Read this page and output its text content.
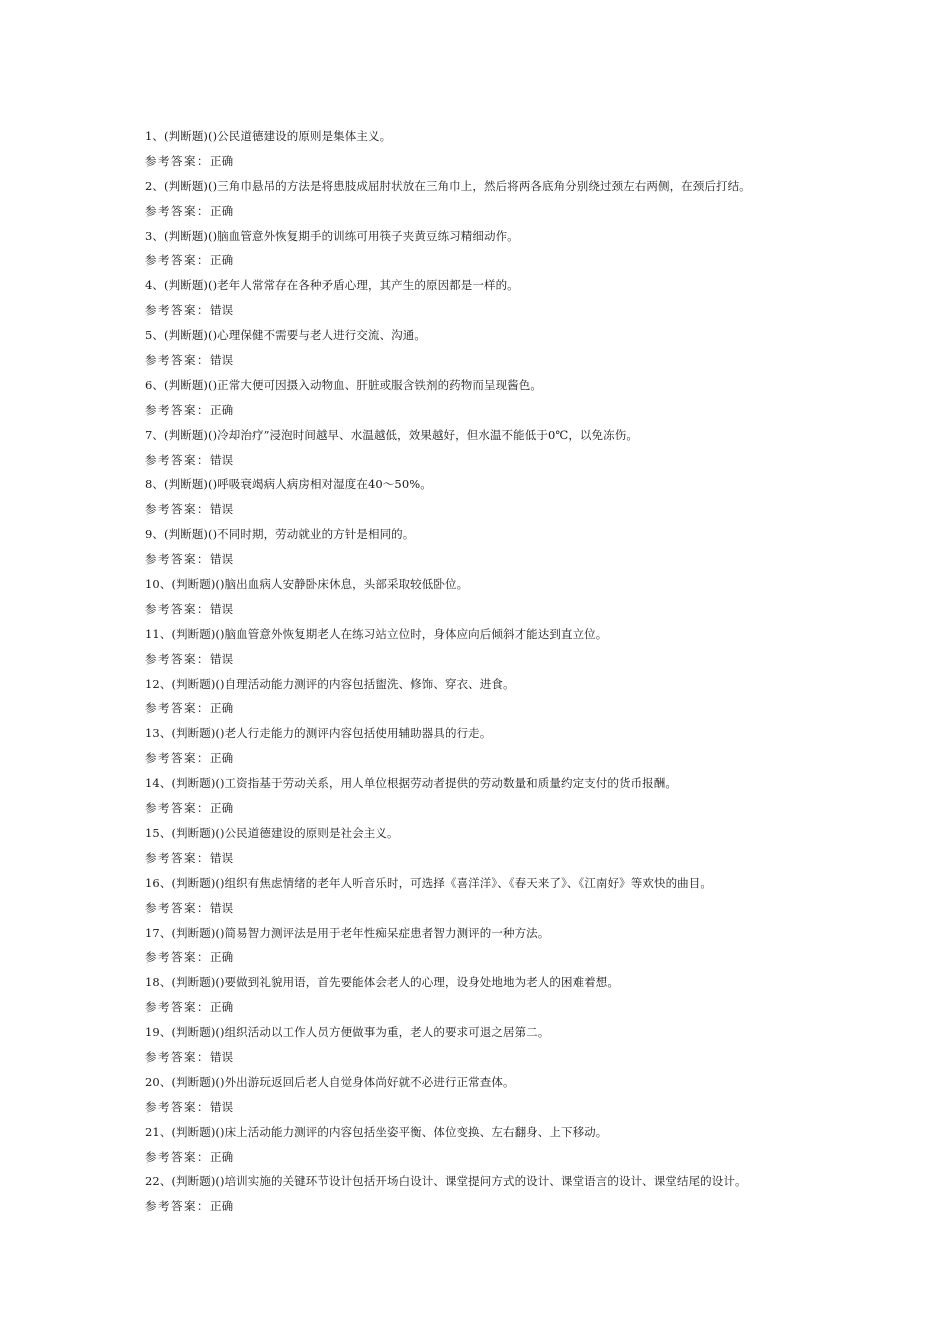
1、(判断题)()公民道德建设的原则是集体主义。
参考答案：正确
2、(判断题)()三角巾悬吊的方法是将患肢成屈肘状放在三角巾上，然后将两各底角分别绕过颈左右两侧，在颈后打结。
参考答案：正确
3、(判断题)()脑血管意外恢复期手的训练可用筷子夹黄豆练习精细动作。
参考答案：正确
4、(判断题)()老年人常常存在各种矛盾心理，其产生的原因都是一样的。
参考答案：错误
5、(判断题)()心理保健不需要与老人进行交流、沟通。
参考答案：错误
6、(判断题)()正常大便可因摄入动物血、肝脏或服含铁剂的药物而呈现酱色。
参考答案：正确
7、(判断题)()冷却治疗”浸泡时间越早、水温越低，效果越好，但水温不能低于0℃，以免冻伤。
参考答案：错误
8、(判断题)()呼吸衰竭病人病房相对湿度在40～50%。
参考答案：错误
9、(判断题)()不同时期，劳动就业的方针是相同的。
参考答案：错误
10、(判断题)()脑出血病人安静卧床休息，头部采取较低卧位。
参考答案：错误
11、(判断题)()脑血管意外恢复期老人在练习站立位时，身体应向后倾斜才能达到直立位。
参考答案：错误
12、(判断题)()自理活动能力测评的内容包括盥洗、修饰、穿衣、进食。
参考答案：正确
13、(判断题)()老人行走能力的测评内容包括使用辅助器具的行走。
参考答案：正确
14、(判断题)()工资指基于劳动关系，用人单位根据劳动者提供的劳动数量和质量约定支付的货币报酬。
参考答案：正确
15、(判断题)()公民道德建设的原则是社会主义。
参考答案：错误
16、(判断题)()组织有焦虑情绪的老年人听音乐时，可选择《喜洋洋》、《春天来了》、《江南好》等欢快的曲目。
参考答案：错误
17、(判断题)()简易智力测评法是用于老年性痴呆症患者智力测评的一种方法。
参考答案：正确
18、(判断题)()要做到礼貌用语，首先要能体会老人的心理，设身处地地为老人的困难着想。
参考答案：正确
19、(判断题)()组织活动以工作人员方便做事为重，老人的要求可退之居第二。
参考答案：错误
20、(判断题)()外出游玩返回后老人自觉身体尚好就不必进行正常查体。
参考答案：错误
21、(判断题)()床上活动能力测评的内容包括坐姿平衡、体位变换、左右翻身、上下移动。
参考答案：正确
22、(判断题)()培训实施的关键环节设计包括开场白设计、课堂提问方式的设计、课堂语言的设计、课堂结尾的设计。
参考答案：正确
